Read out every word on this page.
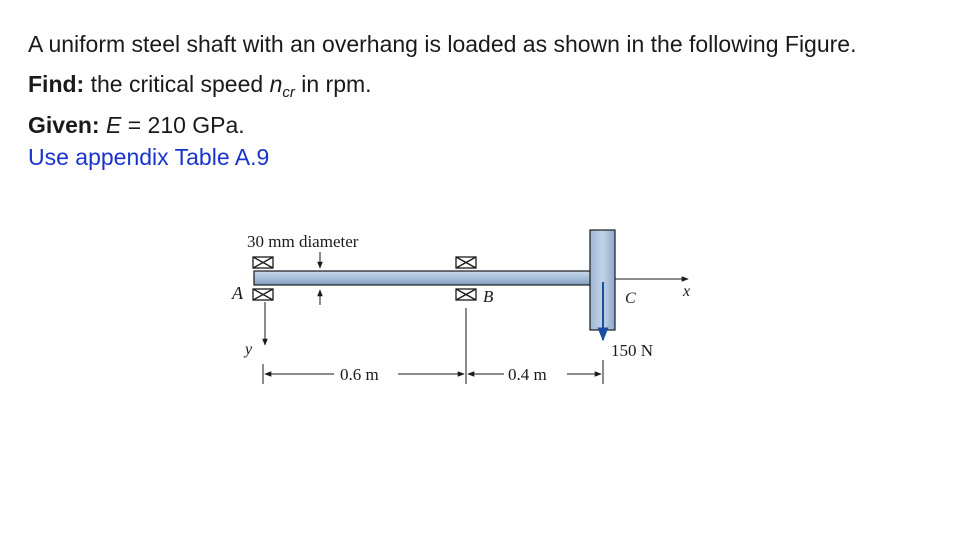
A uniform steel shaft with an overhang is loaded as shown in the following Figure.

Find: the critical speed $n_{cr}$ in rpm.

Given: E = 210 GPa.

Use appendix Table A.9

30 mm diameter
A	B	C	x
y	150 N
0.6 m	0.4 m
